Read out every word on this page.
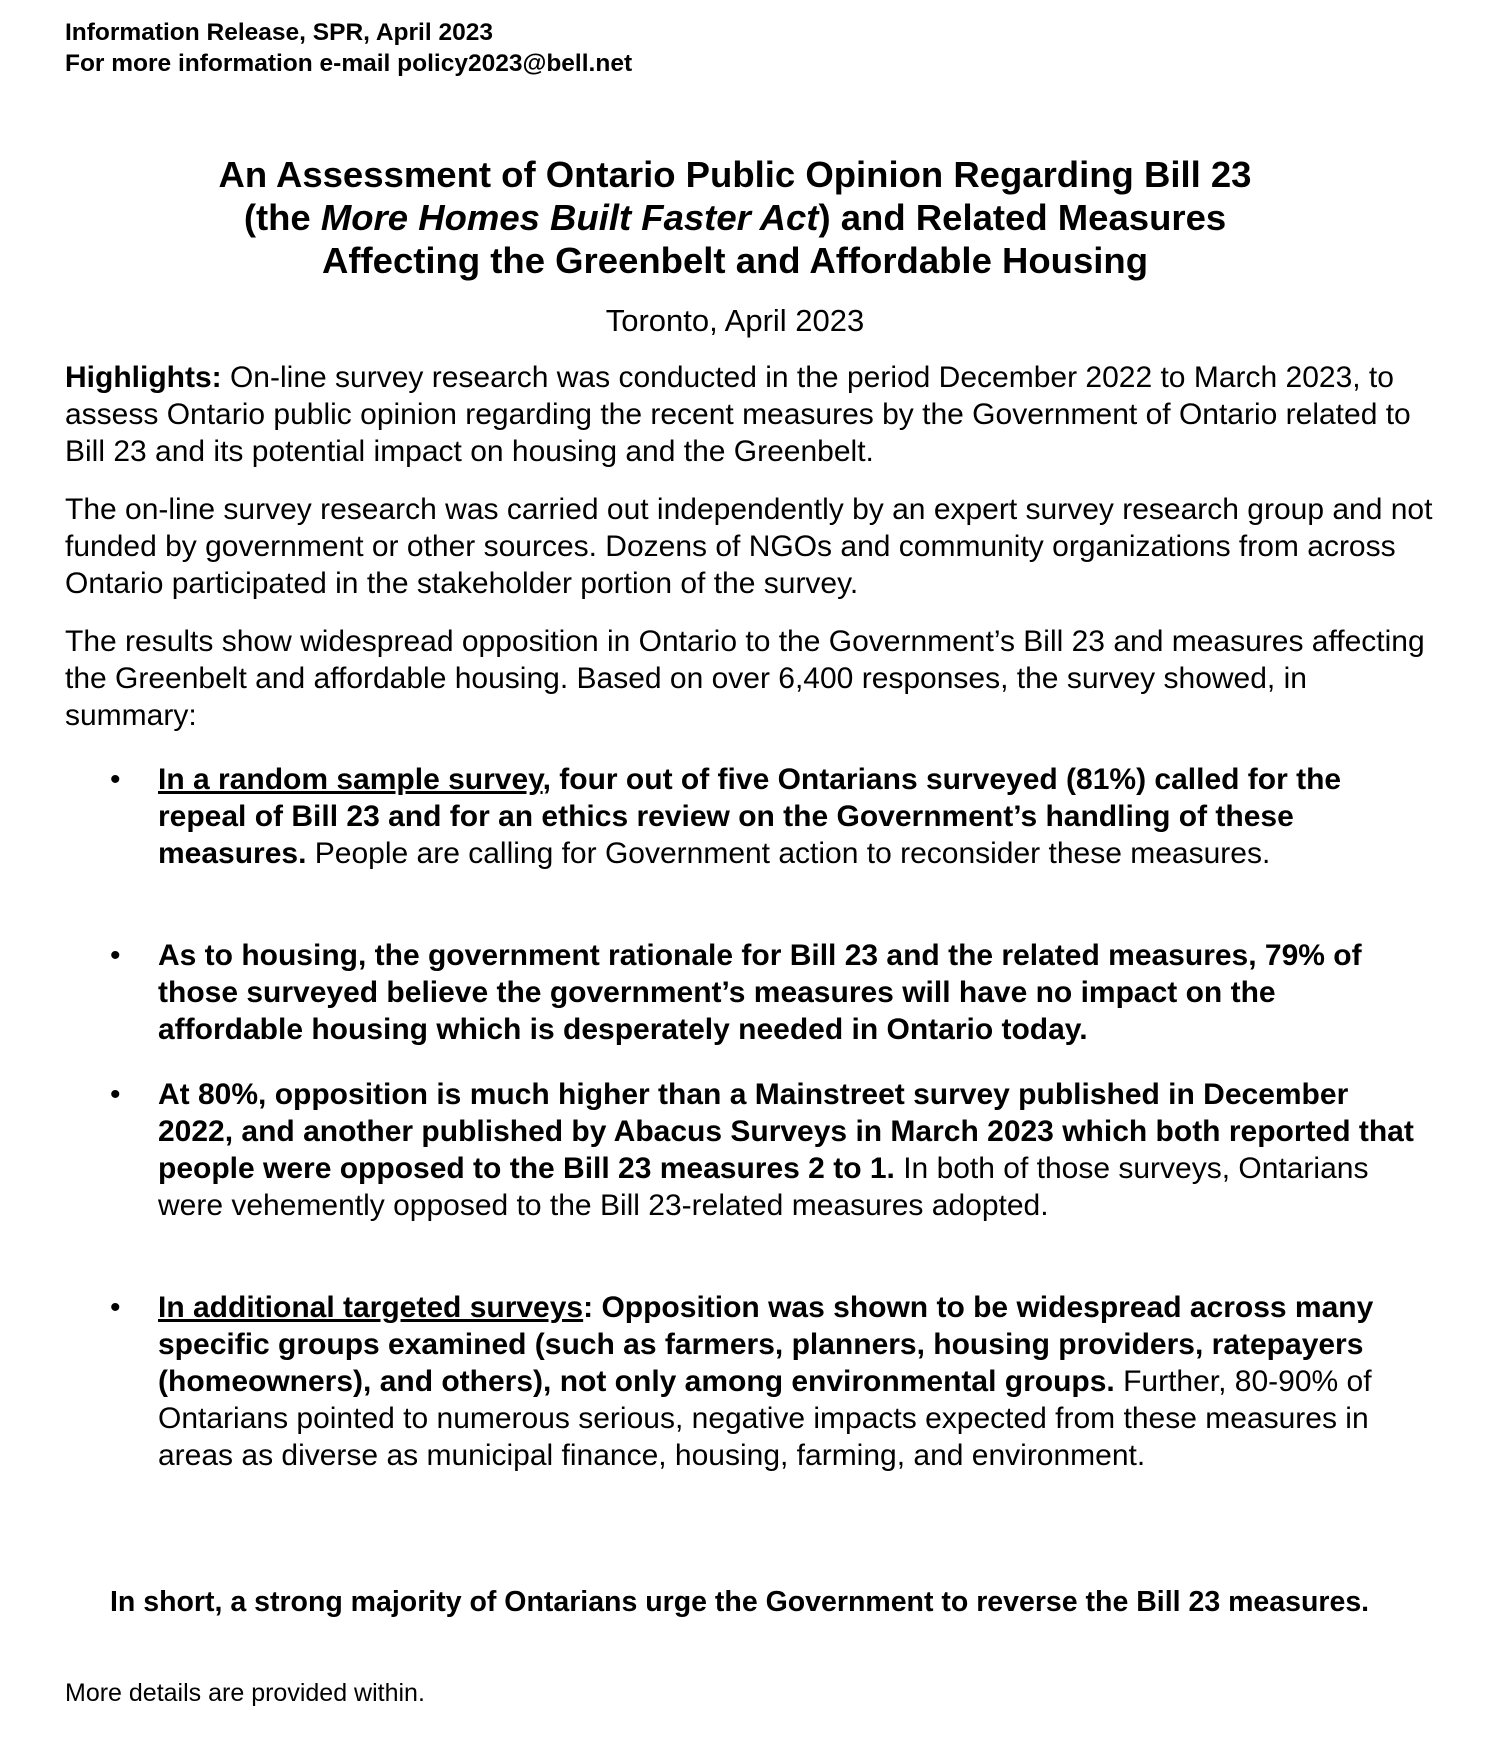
Information Release, SPR, April 2023
For more information e-mail policy2023@bell.net
An Assessment of Ontario Public Opinion Regarding Bill 23
(the More Homes Built Faster Act) and Related Measures
Affecting the Greenbelt and Affordable Housing
Toronto, April 2023
Highlights: On-line survey research was conducted in the period December 2022 to March 2023, to assess Ontario public opinion regarding the recent measures by the Government of Ontario related to Bill 23 and its potential impact on housing and the Greenbelt.
The on-line survey research was carried out independently by an expert survey research group and not funded by government or other sources. Dozens of NGOs and community organizations from across Ontario participated in the stakeholder portion of the survey.
The results show widespread opposition in Ontario to the Government’s Bill 23 and measures affecting the Greenbelt and affordable housing. Based on over 6,400 responses, the survey showed, in summary:
• In a random sample survey, four out of five Ontarians surveyed (81%) called for the repeal of Bill 23 and for an ethics review on the Government’s handling of these measures. People are calling for Government action to reconsider these measures.
• As to housing, the government rationale for Bill 23 and the related measures, 79% of those surveyed believe the government’s measures will have no impact on the affordable housing which is desperately needed in Ontario today.
• At 80%, opposition is much higher than a Mainstreet survey published in December 2022, and another published by Abacus Surveys in March 2023 which both reported that people were opposed to the Bill 23 measures 2 to 1. In both of those surveys, Ontarians were vehemently opposed to the Bill 23-related measures adopted.
• In additional targeted surveys: Opposition was shown to be widespread across many specific groups examined (such as farmers, planners, housing providers, ratepayers (homeowners), and others), not only among environmental groups. Further, 80-90% of Ontarians pointed to numerous serious, negative impacts expected from these measures in areas as diverse as municipal finance, housing, farming, and environment.
In short, a strong majority of Ontarians urge the Government to reverse the Bill 23 measures.
More details are provided within.
